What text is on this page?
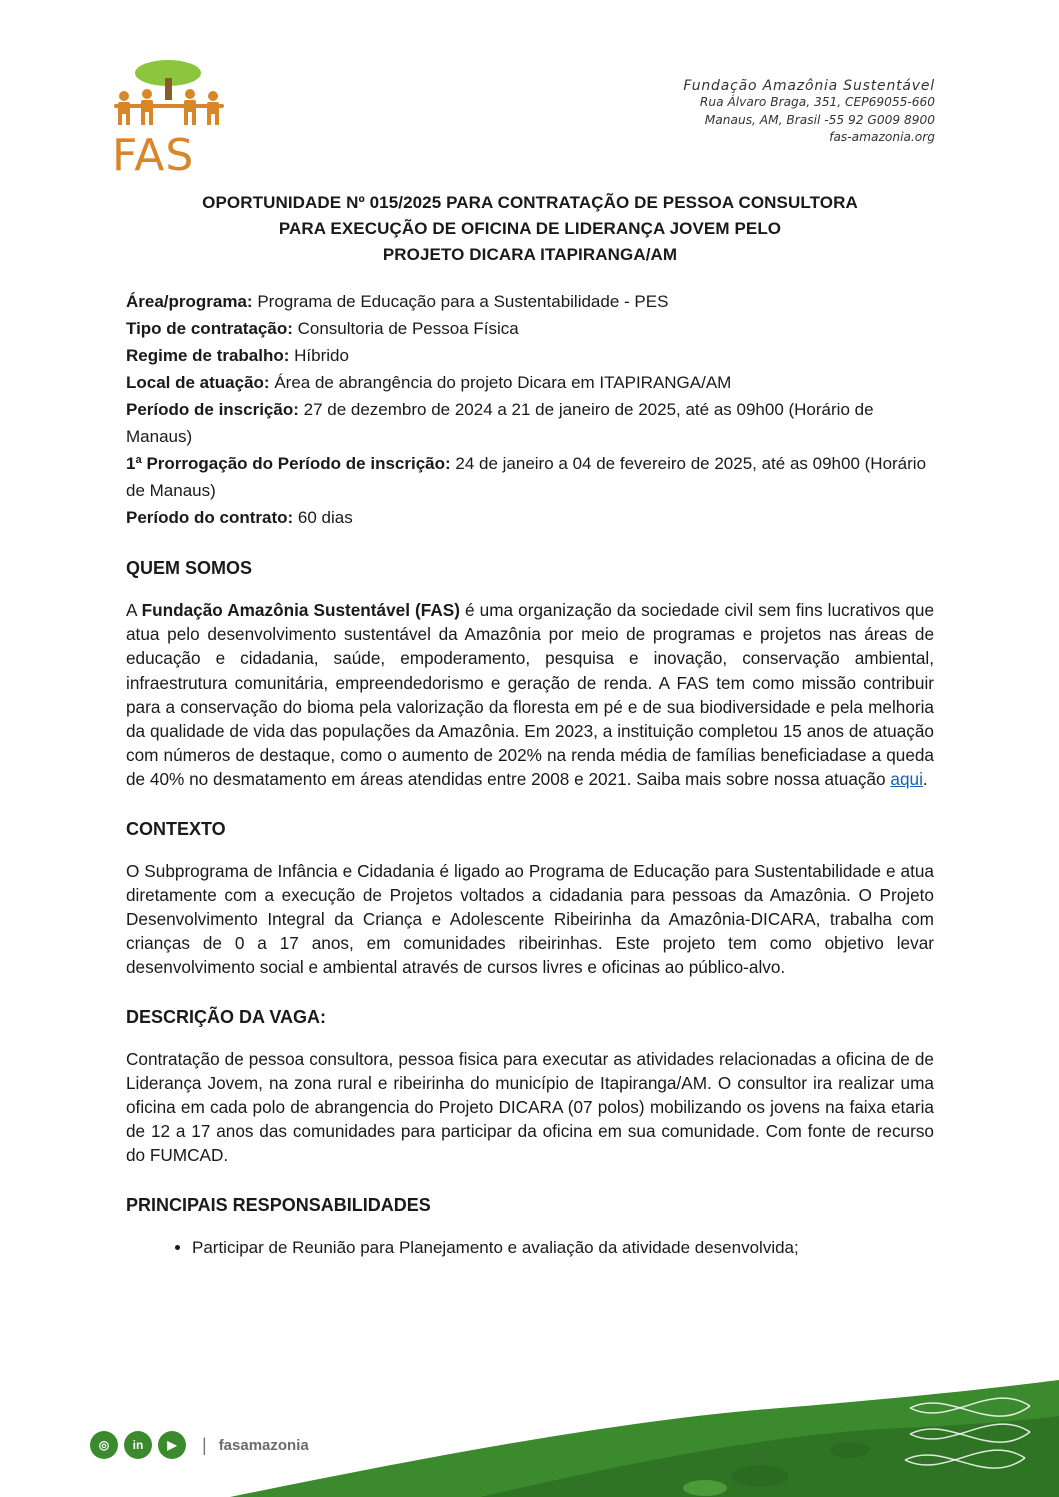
FAS
Fundação Amazônia Sustentável
Rua Álvaro Braga, 351, CEP69055-660
Manaus, AM, Brasil -55 92 G009 8900
fas-amazonia.org
OPORTUNIDADE Nº 015/2025 PARA CONTRATAÇÃO DE PESSOA CONSULTORA
PARA EXECUÇÃO DE OFICINA DE LIDERANÇA JOVEM PELO
PROJETO DICARA ITAPIRANGA/AM

Área/programa: Programa de Educação para a Sustentabilidade - PES

Tipo de contratação: Consultoria de Pessoa Física

Regime de trabalho: Híbrido

Local de atuação: Área de abrangência do projeto Dicara em ITAPIRANGA/AM

Período de inscrição: 27 de dezembro de 2024 a 21 de janeiro de 2025, até as 09h00 (Horário de Manaus)

1ª Prorrogação do Período de inscrição: 24 de janeiro a 04 de fevereiro de 2025, até as 09h00 (Horário de Manaus)

Período do contrato: 60 dias

QUEM SOMOS

A Fundação Amazônia Sustentável (FAS) é uma organização da sociedade civil sem fins lucrativos que atua pelo desenvolvimento sustentável da Amazônia por meio de programas e projetos nas áreas de educação e cidadania, saúde, empoderamento, pesquisa e inovação, conservação ambiental, infraestrutura comunitária, empreendedorismo e geração de renda. A FAS tem como missão contribuir para a conservação do bioma pela valorização da floresta em pé e de sua biodiversidade e pela melhoria da qualidade de vida das populações da Amazônia. Em 2023, a instituição completou 15 anos de atuação com números de destaque, como o aumento de 202% na renda média de famílias beneficiadase a queda de 40% no desmatamento em áreas atendidas entre 2008 e 2021. Saiba mais sobre nossa atuação aqui.

CONTEXTO

O Subprograma de Infância e Cidadania é ligado ao Programa de Educação para Sustentabilidade e atua diretamente com a execução de Projetos voltados a cidadania para pessoas da Amazônia. O Projeto Desenvolvimento Integral da Criança e Adolescente Ribeirinha da Amazônia-DICARA, trabalha com crianças de 0 a 17 anos, em comunidades ribeirinhas. Este projeto tem como objetivo levar desenvolvimento social e ambiental através de cursos livres e oficinas ao público-alvo.

DESCRIÇÃO DA VAGA:

Contratação de pessoa consultora, pessoa fisica para executar as atividades relacionadas a oficina de de Liderança Jovem, na zona rural e ribeirinha do município de Itapiranga/AM. O consultor ira realizar uma oficina em cada polo de abrangencia do Projeto DICARA (07 polos) mobilizando os jovens na faixa etaria de 12 a 17 anos das comunidades para participar da oficina em sua comunidade. Com fonte de recurso do FUMCAD.

PRINCIPAIS RESPONSABILIDADES
• Participar de Reunião para Planejamento e avaliação da atividade desenvolvida;
◎	in	▶	| fasamazonia
